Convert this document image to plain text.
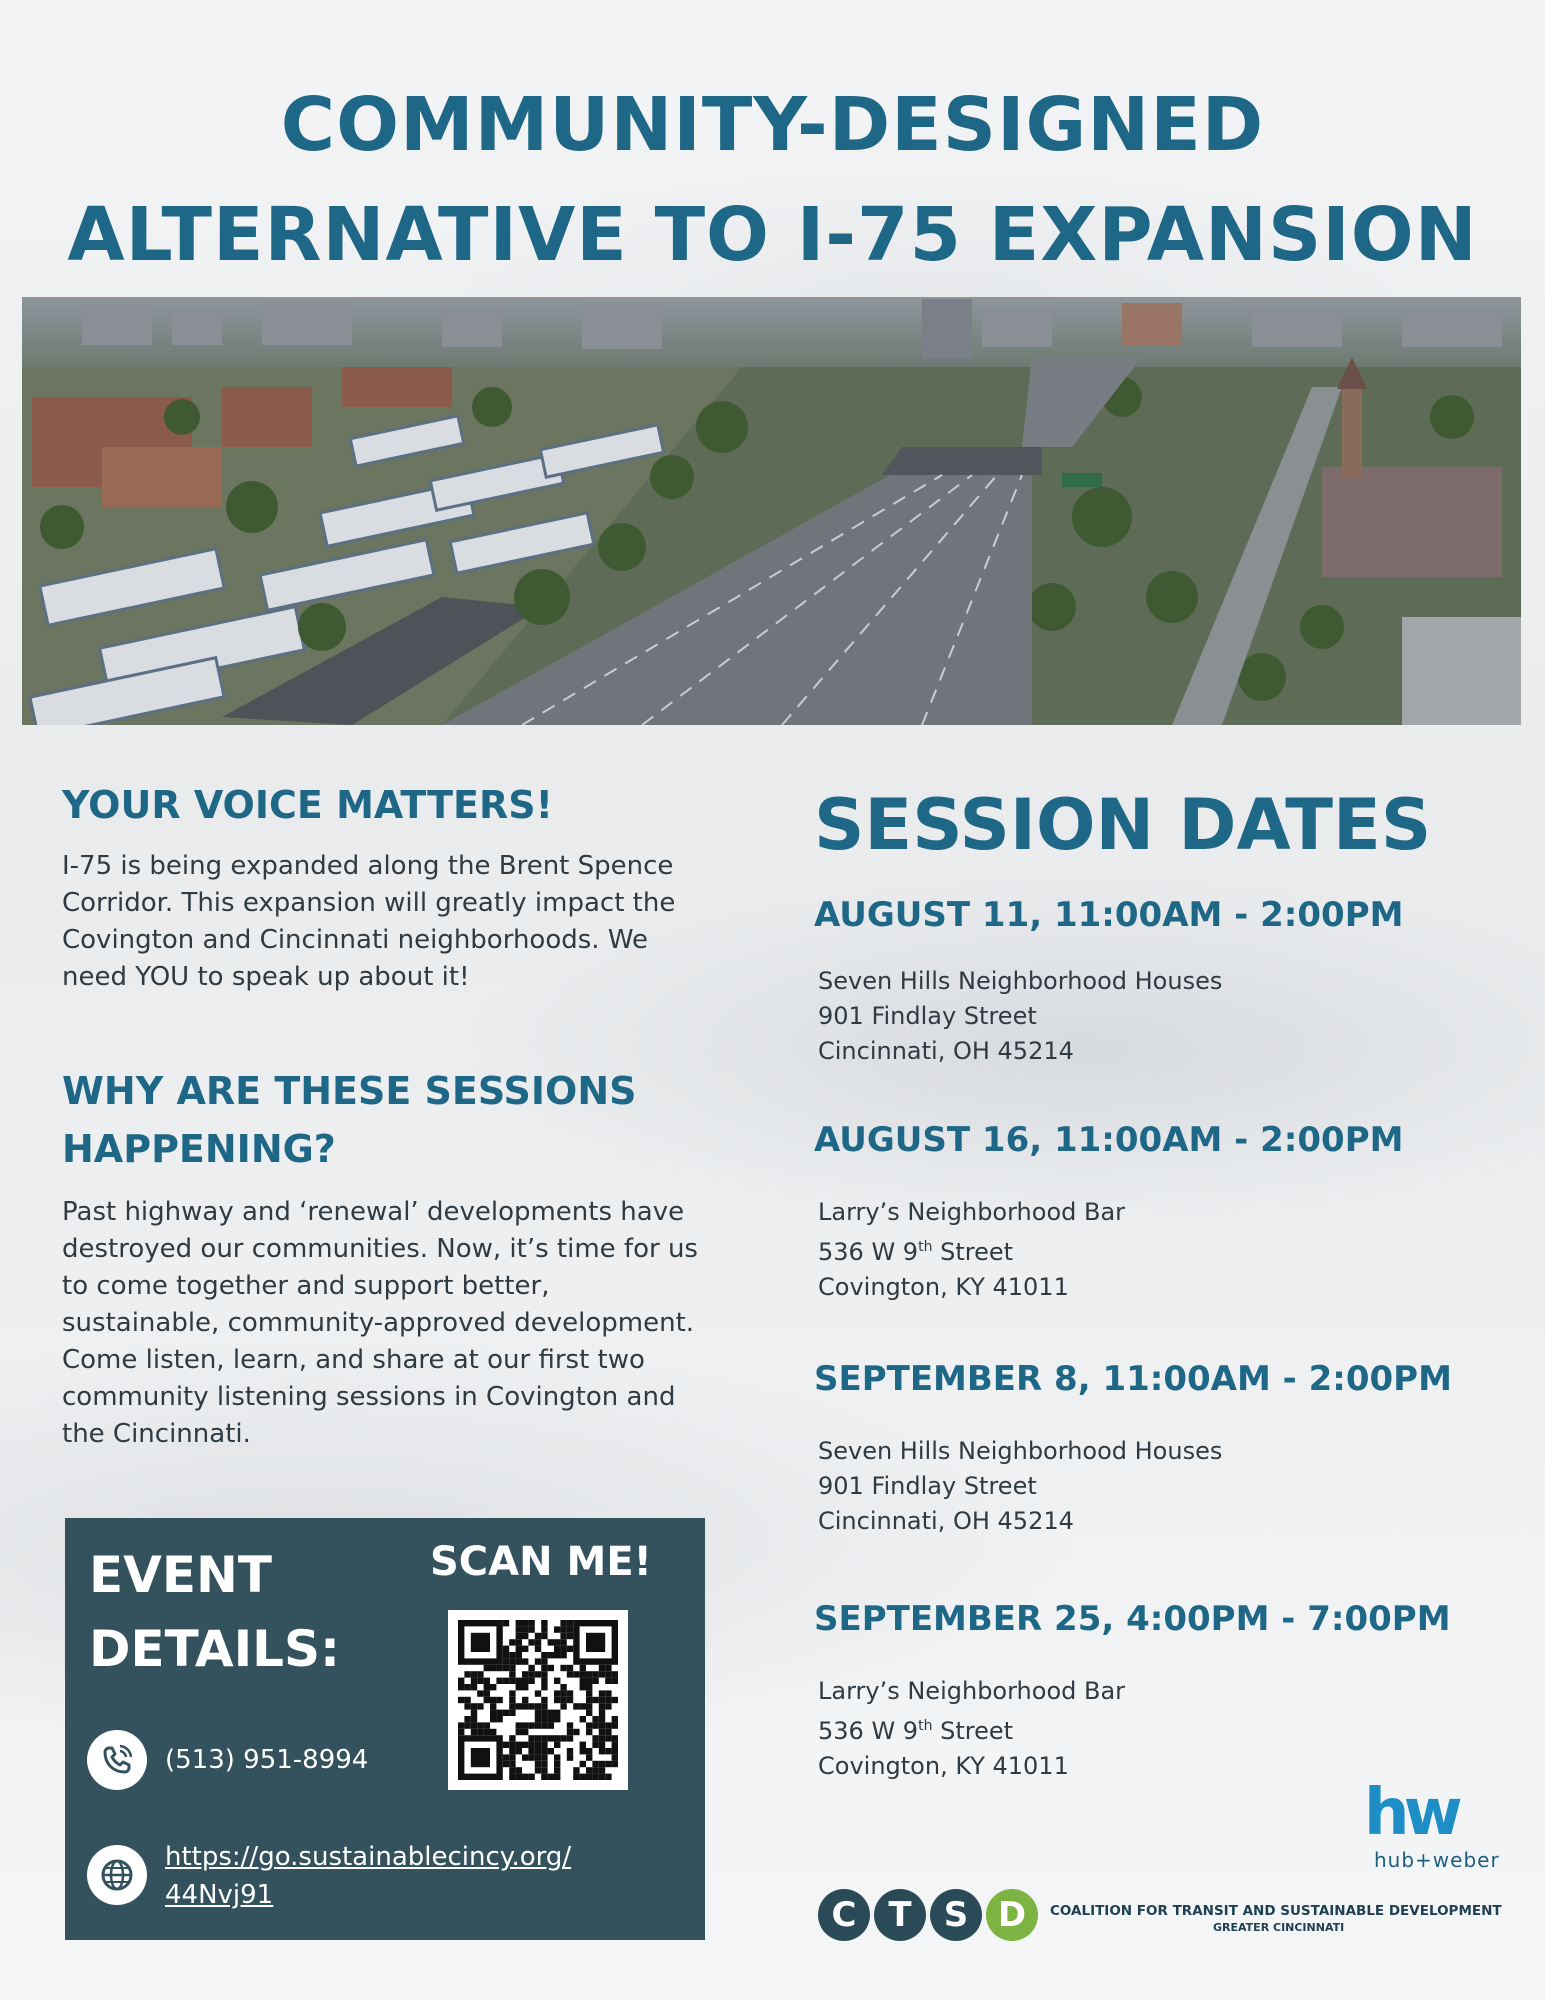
COMMUNITY-DESIGNED
ALTERNATIVE TO I-75 EXPANSION
YOUR VOICE MATTERS!

I-75 is being expanded along the Brent Spence Corridor. This expansion will greatly impact the Covington and Cincinnati neighborhoods. We need YOU to speak up about it!

WHY ARE THESE SESSIONS HAPPENING?

Past highway and ‘renewal’ developments have destroyed our communities. Now, it’s time for us to come together and support better, sustainable, community-approved development. Come listen, learn, and share at our first two community listening sessions in Covington and the Cincinnati.

EVENT
DETAILS:
SCAN ME!
(513) 951-8994
https://go.sustainablecincy.org/
44Nvj91
SESSION DATES
AUGUST 11, 11:00AM - 2:00PM
Seven Hills Neighborhood Houses
901 Findlay Street
Cincinnati, OH 45214
AUGUST 16, 11:00AM - 2:00PM
Larry’s Neighborhood Bar
536 W 9th Street
Covington, KY 41011
SEPTEMBER 8, 11:00AM - 2:00PM
Seven Hills Neighborhood Houses
901 Findlay Street
Cincinnati, OH 45214
SEPTEMBER 25, 4:00PM - 7:00PM
Larry’s Neighborhood Bar
536 W 9th Street
Covington, KY 41011
hw
hub+weber
C T S D	COALITION FOR TRANSIT AND SUSTAINABLE DEVELOPMENT
GREATER CINCINNATI
